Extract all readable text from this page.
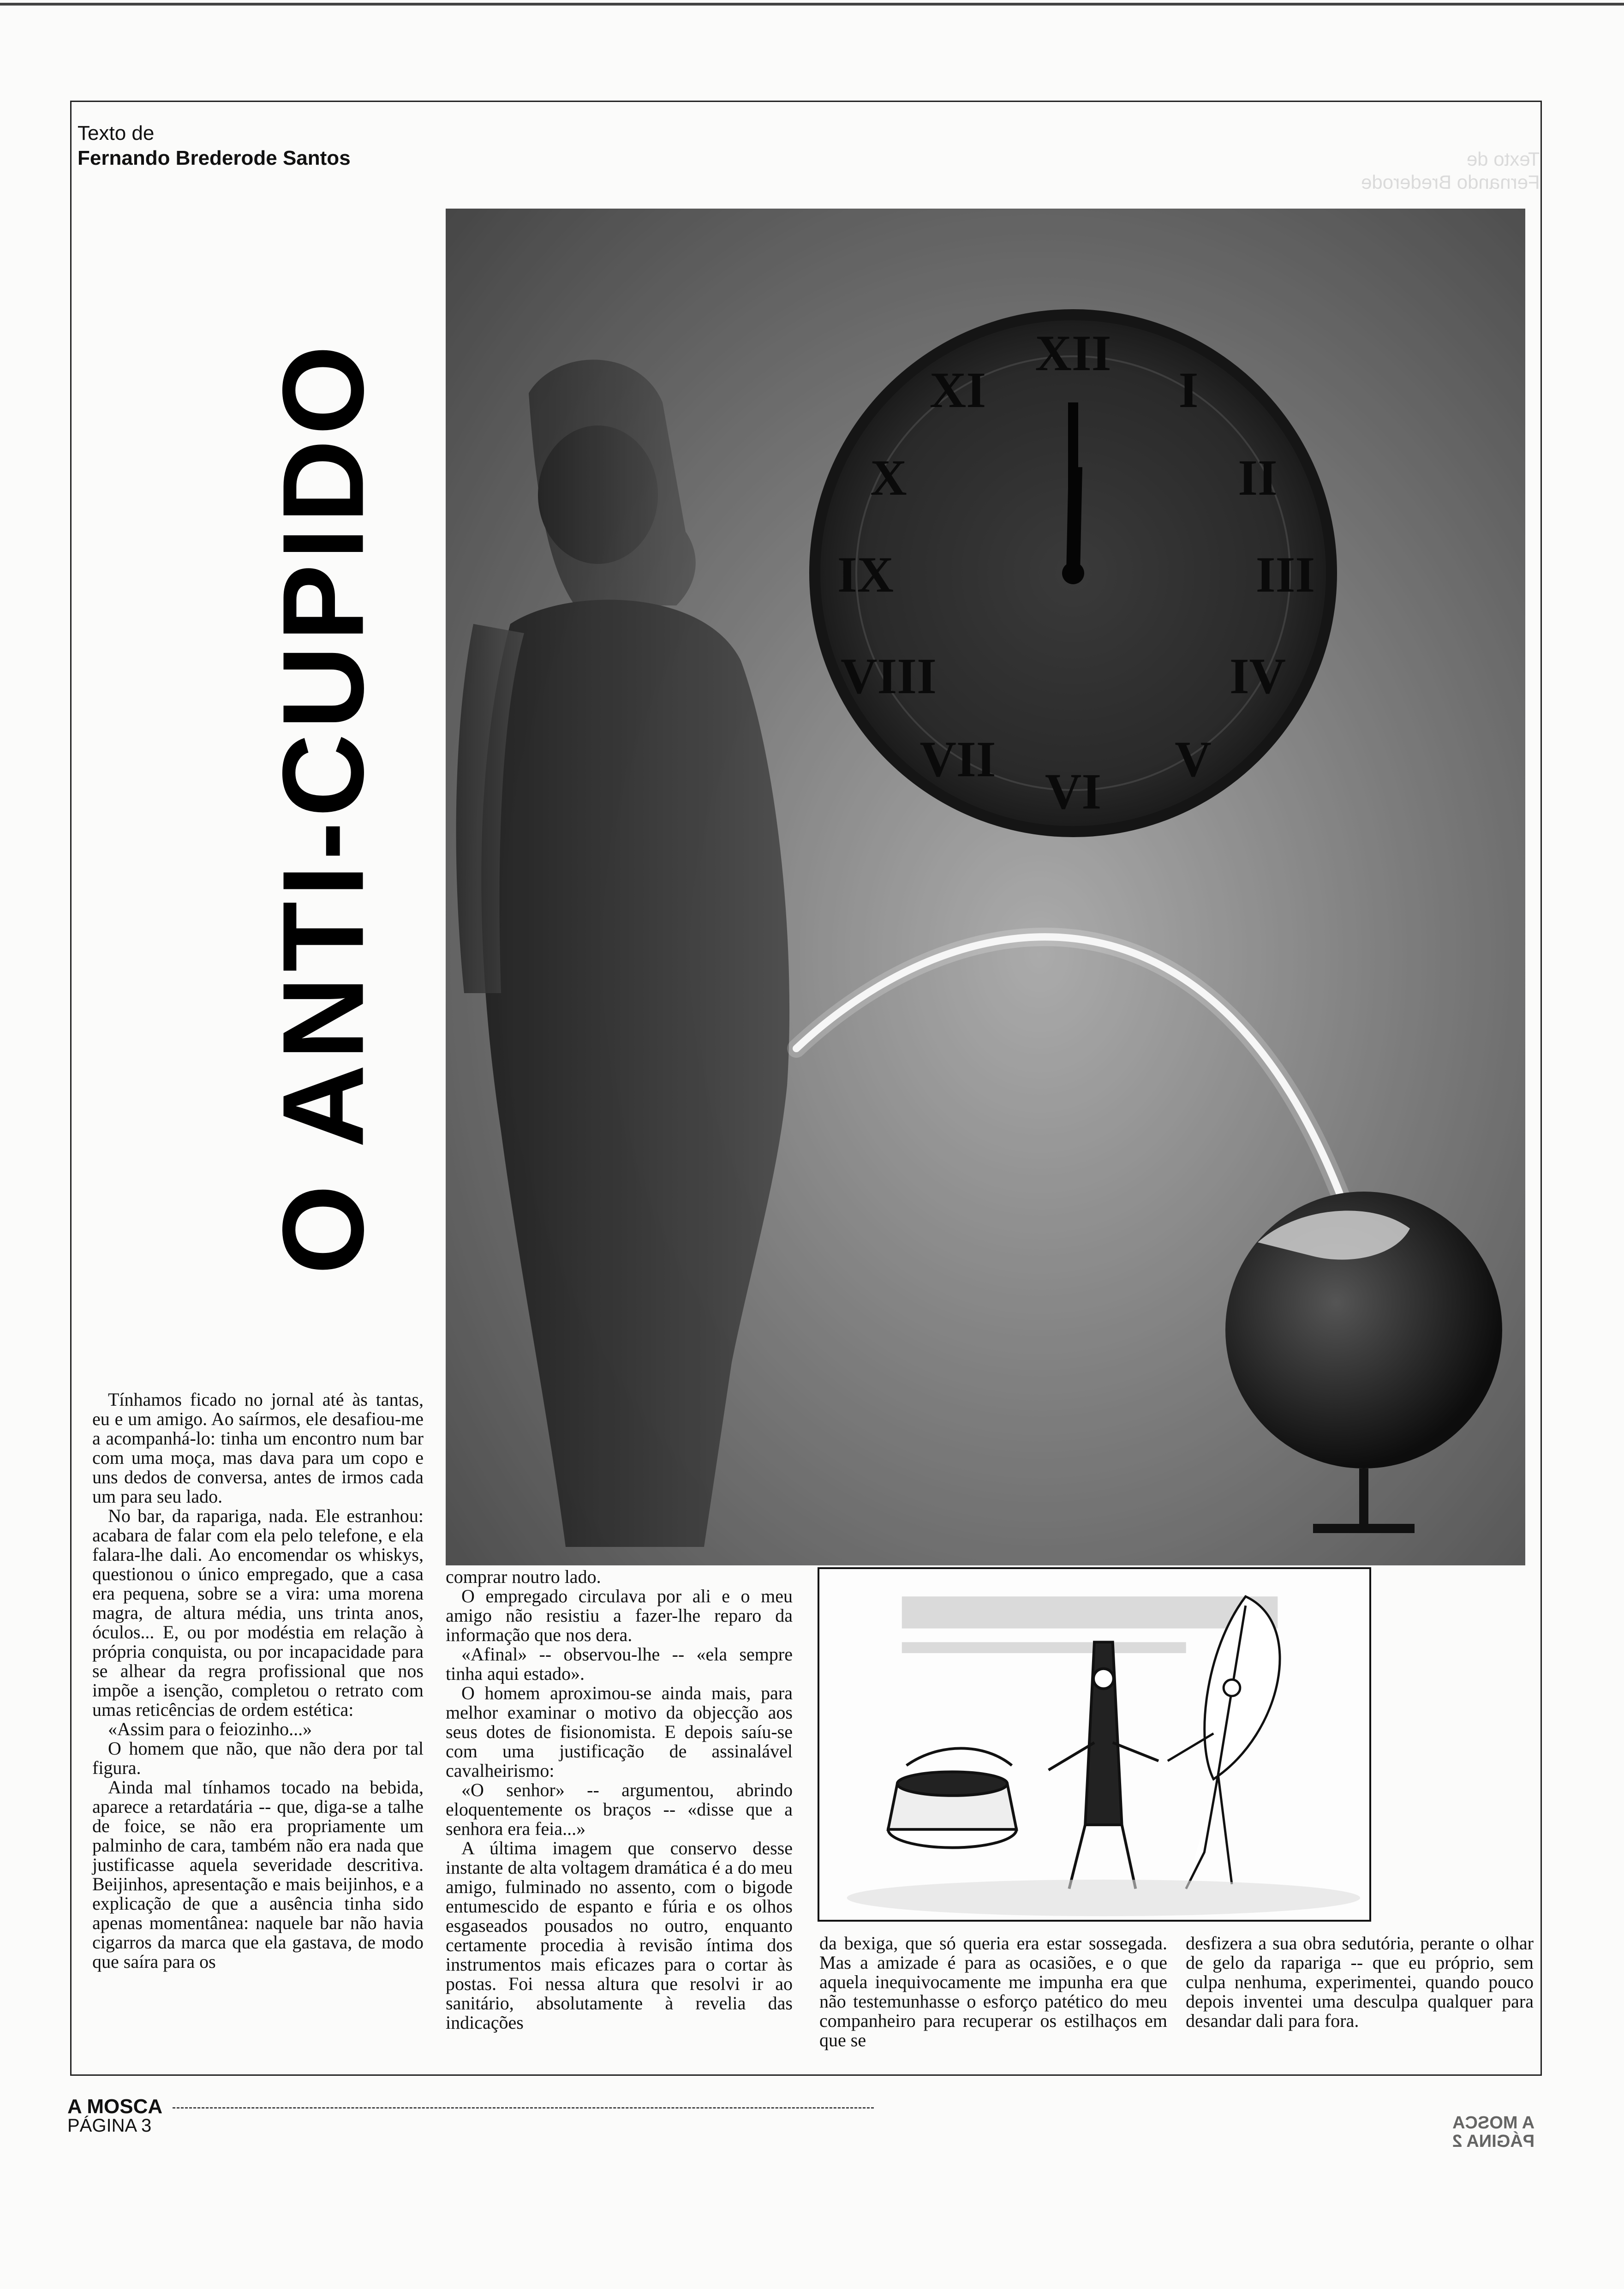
Texto de
Fernando Brederode
Texto de
Fernando Brederode Santos
O ANTI-CUPIDO	XII
I
II
III
IV
V
VI
VII
VIII
IX
X
XI

Tínhamos ficado no jornal até às tantas, eu e um amigo. Ao saírmos, ele desafiou-me a acompanhá-lo: tinha um encontro num bar com uma moça, mas dava para um copo e uns dedos de conversa, antes de irmos cada um para seu lado.

No bar, da rapariga, nada. Ele estranhou: acabara de falar com ela pelo telefone, e ela falara-lhe dali. Ao encomendar os whiskys, questionou o único empregado, que a casa era pequena, sobre se a vira: uma morena magra, de altura média, uns trinta anos, óculos... E, ou por modéstia em relação à própria conquista, ou por incapacidade para se alhear da regra profissional que nos impõe a isenção, completou o retrato com umas reticências de ordem estética:

«Assim para o feiozinho...»

O homem que não, que não dera por tal figura.

Ainda mal tínhamos tocado na bebida, aparece a retardatária -- que, diga-se a talhe de foice, se não era propriamente um palminho de cara, também não era nada que justificasse aquela severidade descritiva. Beijinhos, apresentação e mais beijinhos, e a explicação de que a ausência tinha sido apenas momentânea: naquele bar não havia cigarros da marca que ela gastava, de modo que saíra para os

comprar noutro lado.

O empregado circulava por ali e o meu amigo não resistiu a fazer-lhe reparo da informação que nos dera.

«Afinal» -- observou-lhe -- «ela sempre tinha aqui estado».

O homem aproximou-se ainda mais, para melhor examinar o motivo da objecção aos seus dotes de fisionomista. E depois saíu-se com uma justificação de assinalável cavalheirismo:

«O senhor» -- argumentou, abrindo eloquentemente os braços -- «disse que a senhora era feia...»

A última imagem que conservo desse instante de alta voltagem dramática é a do meu amigo, fulminado no assento, com o bigode entumescido de espanto e fúria e os olhos esgaseados pousados no outro, enquanto certamente procedia à revisão íntima dos instrumentos mais eficazes para o cortar às postas. Foi nessa altura que resolvi ir ao sanitário, absolutamente à revelia das indicações

da bexiga, que só queria era estar sossegada. Mas a amizade é para as ocasiões, e o que aquela inequivocamente me impunha era que não testemunhasse o esforço patético do meu companheiro para recuperar os estilhaços em que se

desfizera a sua obra sedutória, perante o olhar de gelo da rapariga -- que eu próprio, sem culpa nenhuma, experimentei, quando pouco depois inventei uma desculpa qualquer para desandar dali para fora.

A MOSCA
PÁGINA 3	A MOSCA
PÁGINA 2
